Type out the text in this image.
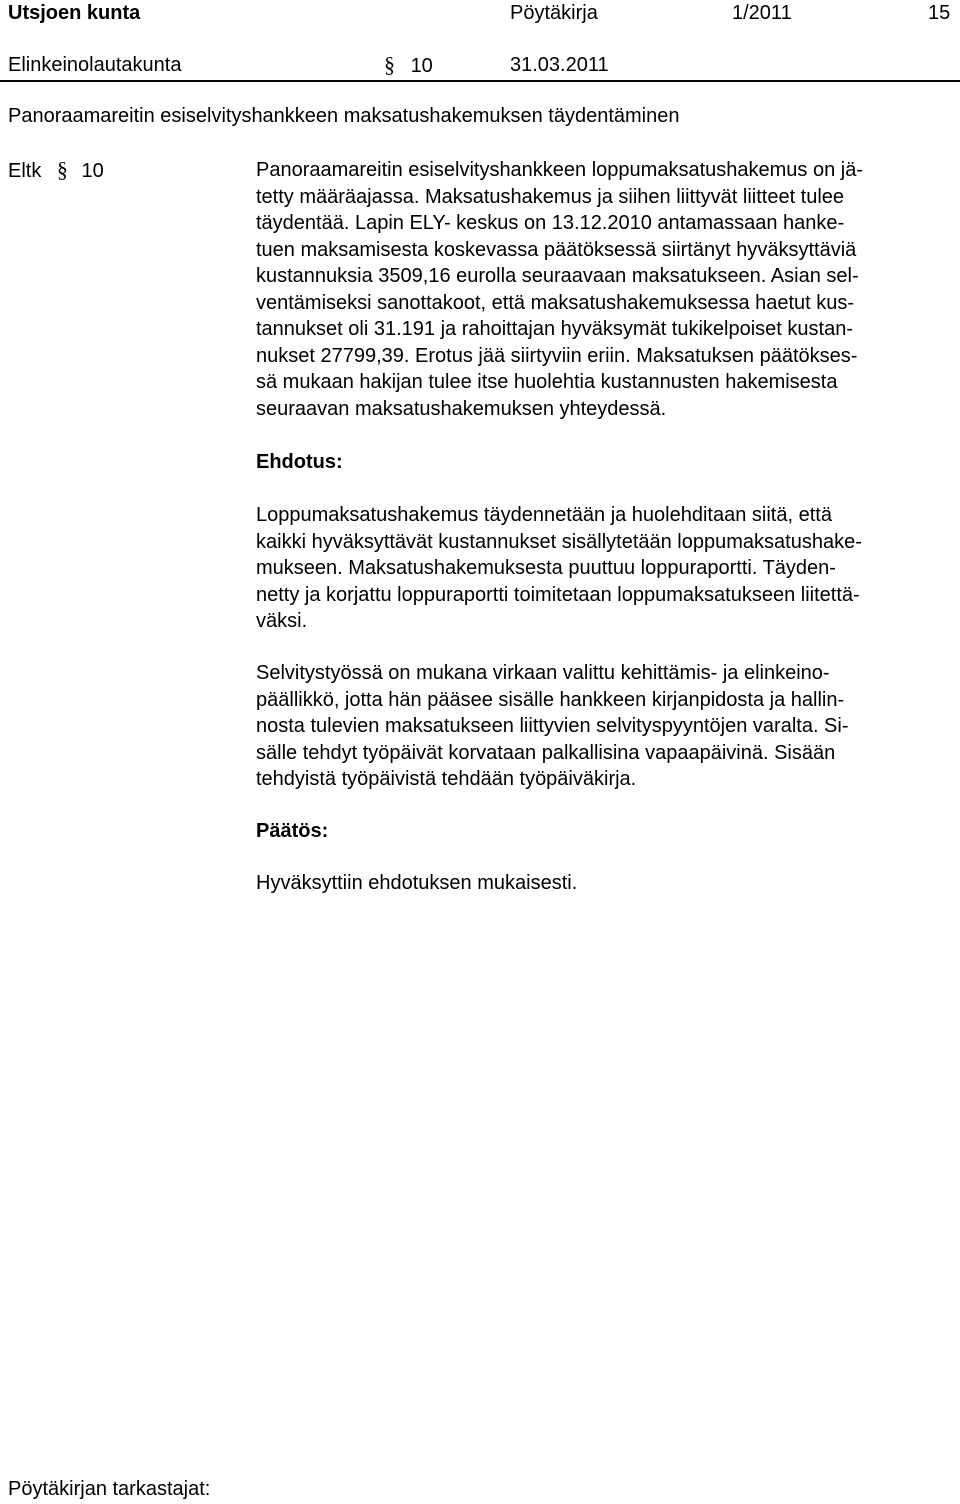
Utsjoen kunta	Pöytäkirja	1/2011	15
Elinkeinolautakunta	§ 10	31.03.2011
Panoraamareitin esiselvityshankkeen maksatushakemuksen täydentäminen
Eltk § 10	Panoraamareitin esiselvityshankkeen loppumaksatushakemus on jä-
tetty määräajassa. Maksatushakemus ja siihen liittyvät liitteet tulee
täydentää. Lapin ELY- keskus on 13.12.2010 antamassaan hanke-
tuen maksamisesta koskevassa päätöksessä siirtänyt hyväksyttäviä
kustannuksia 3509,16 eurolla seuraavaan maksatukseen. Asian sel-
ventämiseksi sanottakoot, että maksatushakemuksessa haetut kus-
tannukset oli 31.191 ja rahoittajan hyväksymät tukikelpoiset kustan-
nukset 27799,39. Erotus jää siirtyviin eriin. Maksatuksen päätökses-
sä mukaan hakijan tulee itse huolehtia kustannusten hakemisesta
seuraavan maksatushakemuksen yhteydessä.
Ehdotus:
Loppumaksatushakemus täydennetään ja huolehditaan siitä, että
kaikki hyväksyttävät kustannukset sisällytetään loppumaksatushake-
mukseen. Maksatushakemuksesta puuttuu loppuraportti. Täyden-
netty ja korjattu loppuraportti toimitetaan loppumaksatukseen liitettä-
väksi.
Selvitystyössä on mukana virkaan valittu kehittämis- ja elinkeino-
päällikkö, jotta hän pääsee sisälle hankkeen kirjanpidosta ja hallin-
nosta tulevien maksatukseen liittyvien selvityspyyntöjen varalta. Si-
sälle tehdyt työpäivät korvataan palkallisina vapaapäivinä. Sisään
tehdyistä työpäivistä tehdään työpäiväkirja.
Päätös:
Hyväksyttiin ehdotuksen mukaisesti.
Pöytäkirjan tarkastajat:
